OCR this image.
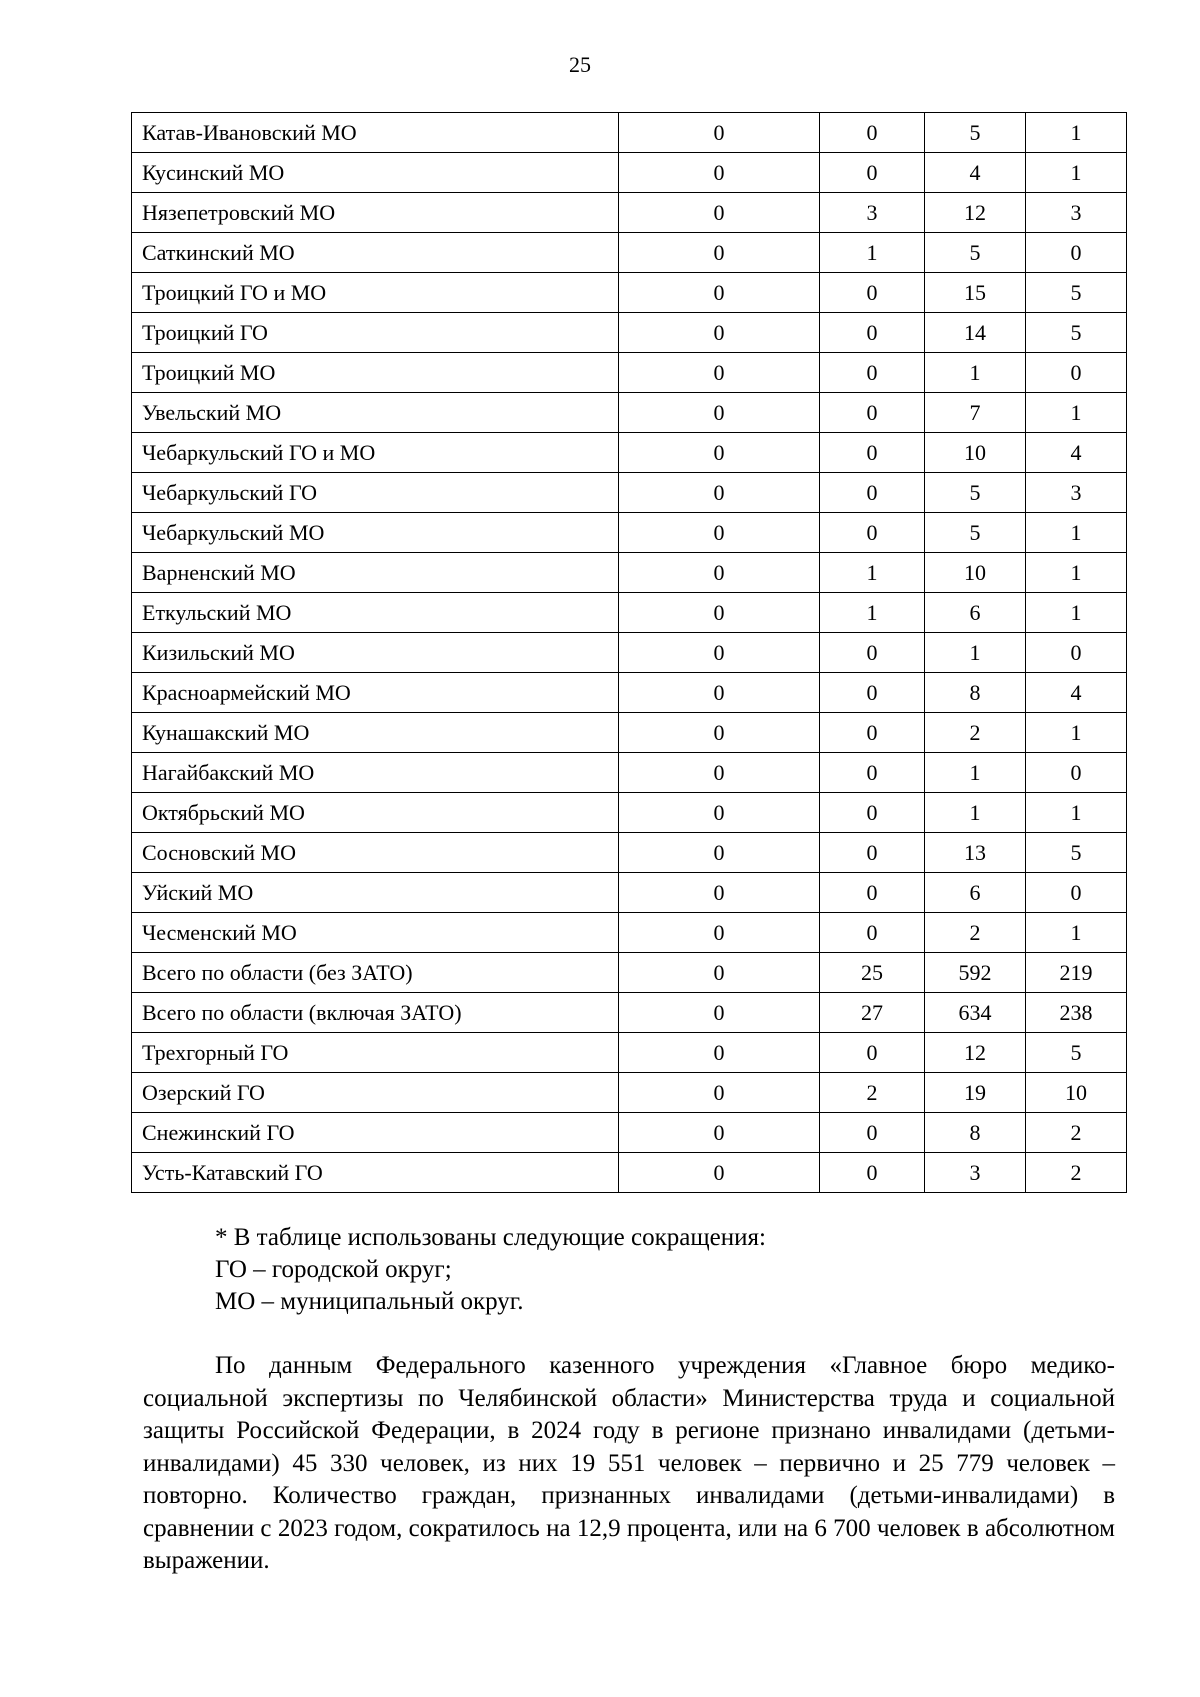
25
Катав-Ивановский МО	0	0	5	1
Кусинский МО	0	0	4	1
Нязепетровский МО	0	3	12	3
Саткинский МО	0	1	5	0
Троицкий ГО и МО	0	0	15	5
Троицкий ГО	0	0	14	5
Троицкий МО	0	0	1	0
Увельский МО	0	0	7	1
Чебаркульский ГО и МО	0	0	10	4
Чебаркульский ГО	0	0	5	3
Чебаркульский МО	0	0	5	1
Варненский МО	0	1	10	1
Еткульский МО	0	1	6	1
Кизильский МО	0	0	1	0
Красноармейский МО	0	0	8	4
Кунашакский МО	0	0	2	1
Нагайбакский МО	0	0	1	0
Октябрьский МО	0	0	1	1
Сосновский МО	0	0	13	5
Уйский МО	0	0	6	0
Чесменский МО	0	0	2	1
Всего по области (без ЗАТО)	0	25	592	219
Всего по области (включая ЗАТО)	0	27	634	238
Трехгорный ГО	0	0	12	5
Озерский ГО	0	2	19	10
Снежинский ГО	0	0	8	2
Усть-Катавский ГО	0	0	3	2
* В таблице использованы следующие сокращения:
ГО – городской округ;
МО – муниципальный округ.

По данным Федерального казенного учреждения «Главное бюро медико-социальной экспертизы по Челябинской области» Министерства труда и социальной защиты Российской Федерации, в 2024 году в регионе признано инвалидами (детьми-инвалидами) 45 330 человек, из них 19 551 человек – первично и 25 779 человек – повторно. Количество граждан, признанных инвалидами (детьми-инвалидами) в сравнении с 2023 годом, сократилось на 12,9 процента, или на 6 700 человек в абсолютном выражении.
